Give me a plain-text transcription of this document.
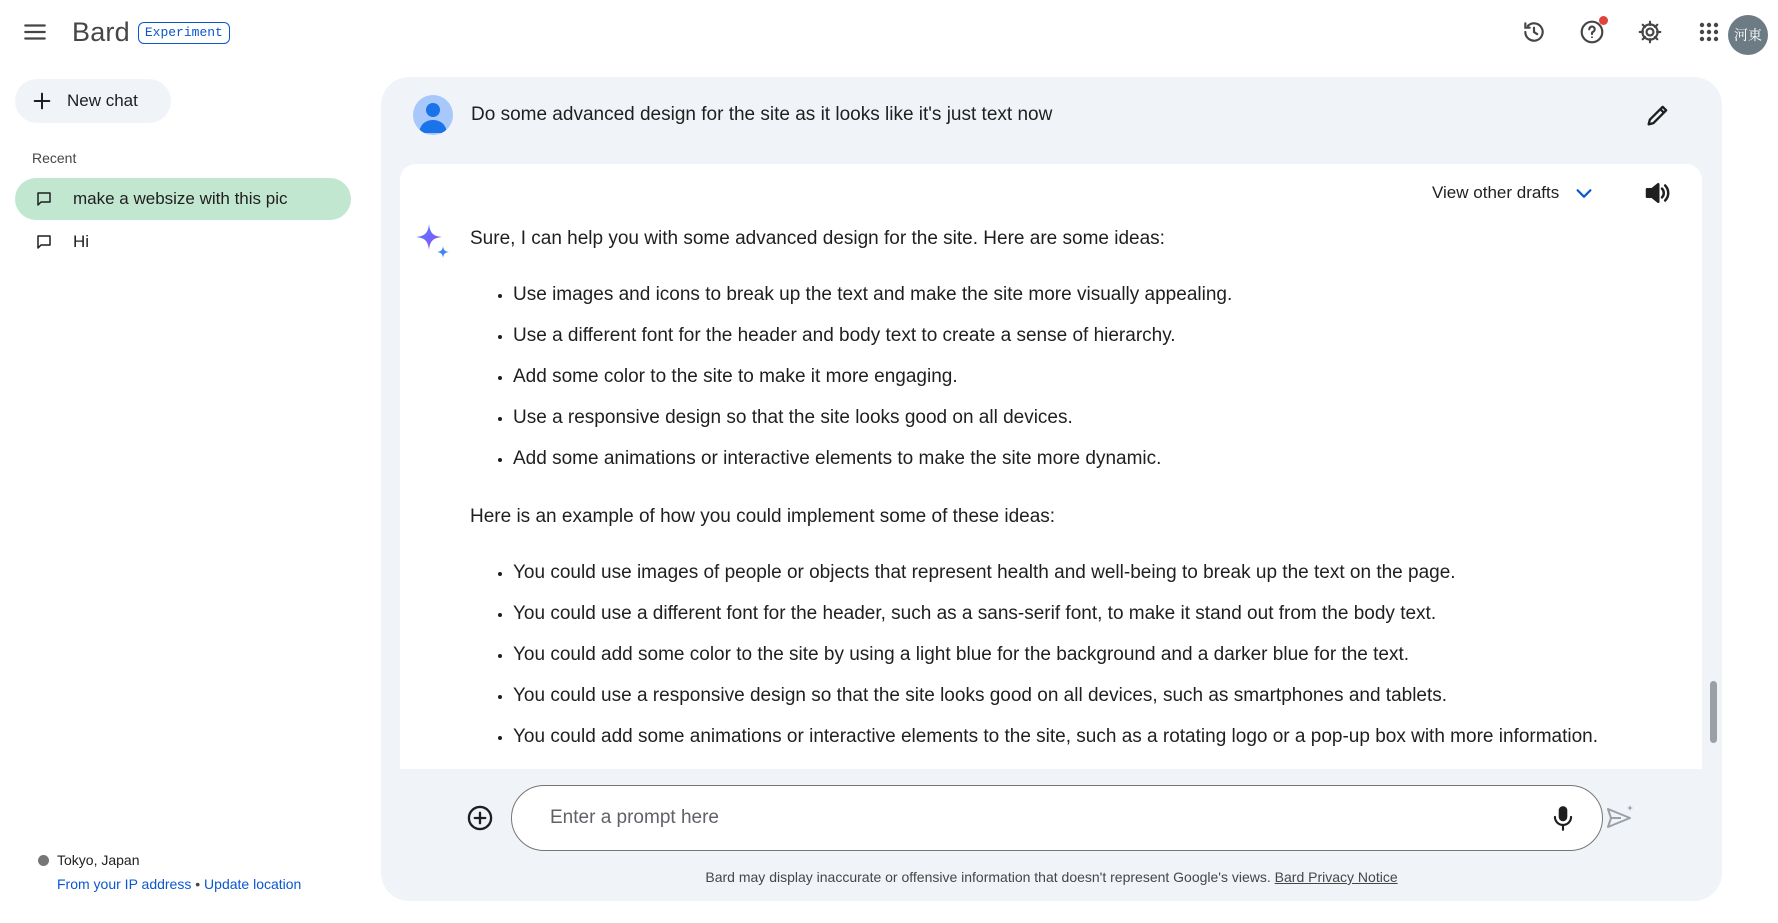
Bard	Experiment	河東
New chat
Recent
make a websize with this pic
Hi
Tokyo, Japan
From your IP address • Update location
Do some advanced design for the site as it looks like it's just text now
View other drafts

Sure, I can help you with some advanced design for the site. Here are some ideas:

• Use images and icons to break up the text and make the site more visually appealing.
• Use a different font for the header and body text to create a sense of hierarchy.
• Add some color to the site to make it more engaging.
• Use a responsive design so that the site looks good on all devices.
• Add some animations or interactive elements to make the site more dynamic.

Here is an example of how you could implement some of these ideas:

• You could use images of people or objects that represent health and well-being to break up the text on the page.
• You could use a different font for the header, such as a sans-serif font, to make it stand out from the body text.
• You could add some color to the site by using a light blue for the background and a darker blue for the text.
• You could use a responsive design so that the site looks good on all devices, such as smartphones and tablets.
• You could add some animations or interactive elements to the site, such as a rotating logo or a pop-up box with more information.
Enter a prompt here
Bard may display inaccurate or offensive information that doesn't represent Google's views. Bard Privacy Notice
